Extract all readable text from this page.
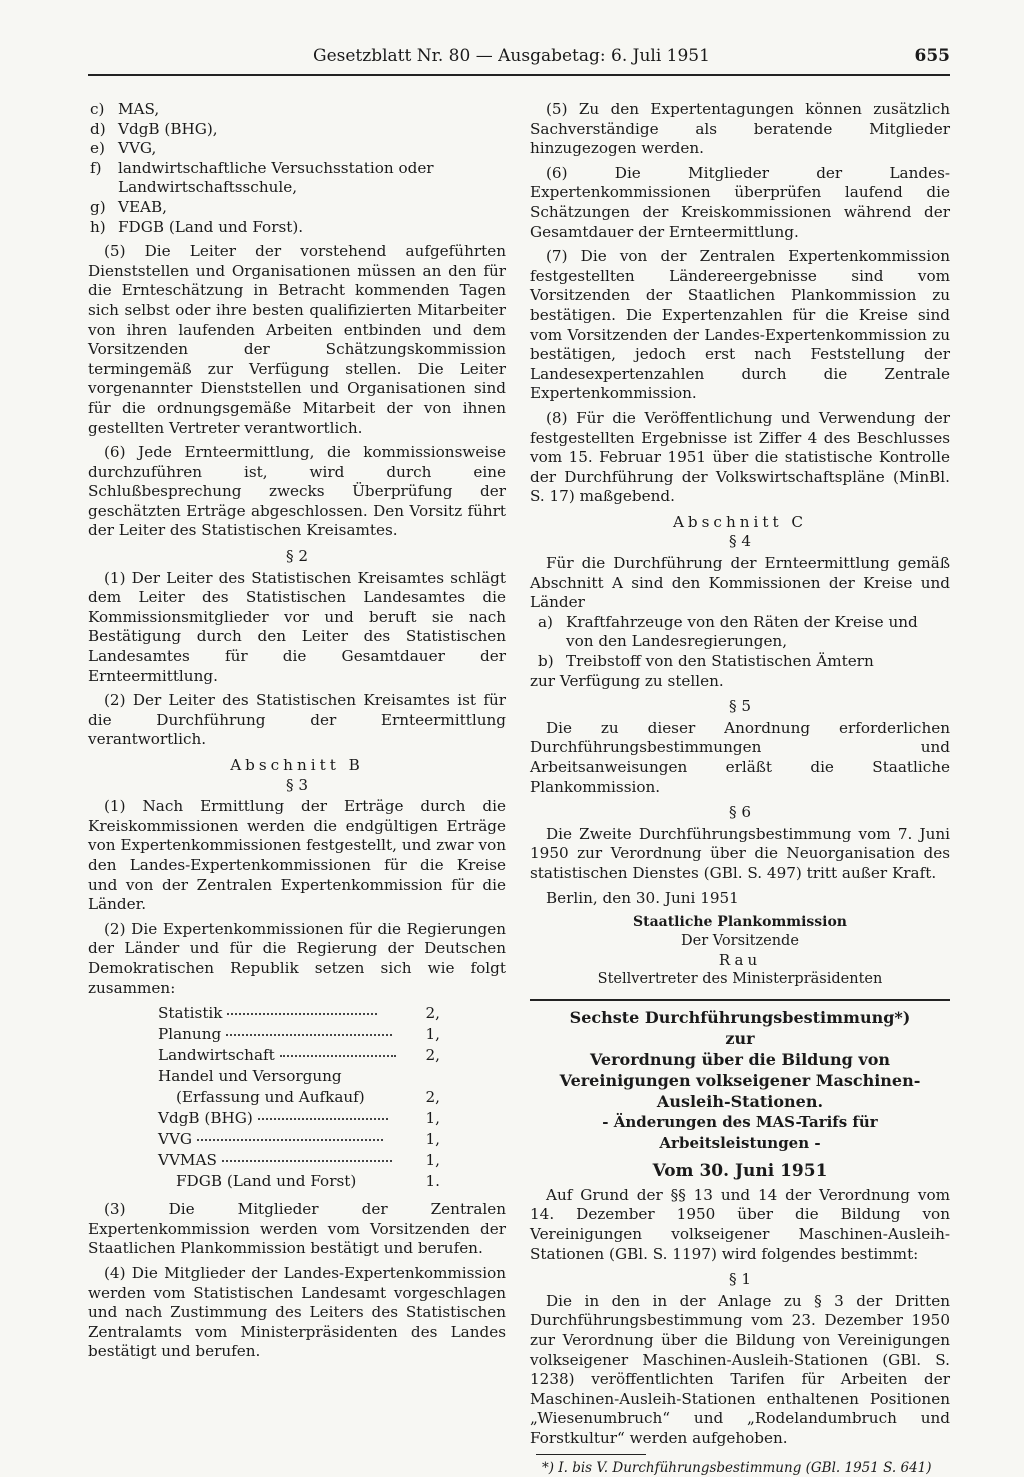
Gesetzblatt Nr. 80 — Ausgabetag: 6. Juli 1951	655
c) MAS,
d) VdgB (BHG),
e) VVG,
f)	landwirtschaftliche Versuchsstation oder Landwirtschaftsschule,
g) VEAB,
h) FDGB (Land und Forst).

(5) Die Leiter der vorstehend aufgeführten Dienststellen und Organisationen müssen an den für die Ernteschätzung in Betracht kommenden Tagen sich selbst oder ihre besten qualifizierten Mitarbeiter von ihren laufenden Arbeiten entbinden und dem Vorsitzenden der Schätzungskommission termingemäß zur Verfügung stellen. Die Leiter vorgenannter Dienststellen und Organisationen sind für die ordnungsgemäße Mitarbeit der von ihnen gestellten Vertreter verantwortlich.

(6) Jede Ernteermittlung, die kommissionsweise durchzuführen ist, wird durch eine Schlußbesprechung zwecks Überprüfung der geschätzten Erträge abgeschlossen. Den Vorsitz führt der Leiter des Statistischen Kreisamtes.

§ 2

(1) Der Leiter des Statistischen Kreisamtes schlägt dem Leiter des Statistischen Landesamtes die Kommissionsmitglieder vor und beruft sie nach Bestätigung durch den Leiter des Statistischen Landesamtes für die Gesamtdauer der Ernteermittlung.

(2) Der Leiter des Statistischen Kreisamtes ist für die Durchführung der Ernteermittlung verantwortlich.

Abschnitt B
§ 3

(1) Nach Ermittlung der Erträge durch die Kreiskommissionen werden die endgültigen Erträge von Expertenkommissionen festgestellt, und zwar von den Landes-Expertenkommissionen für die Kreise und von der Zentralen Expertenkommission für die Länder.

(2) Die Expertenkommissionen für die Regierungen der Länder und für die Regierung der Deutschen Demokratischen Republik setzen sich wie folgt zusammen:

Statistik	2,
Planung	1,
Landwirtschaft	2,
Handel und Versorgung	
(Erfassung und Aufkauf)	2,
VdgB (BHG)	1,
VVG	1,
VVMAS	1,
FDGB (Land und Forst)	1.

(3) Die Mitglieder der Zentralen Expertenkommission werden vom Vorsitzenden der Staatlichen Plankommission bestätigt und berufen.

(4) Die Mitglieder der Landes-Expertenkommission werden vom Statistischen Landesamt vorgeschlagen und nach Zustimmung des Leiters des Statistischen Zentralamts vom Ministerpräsidenten des Landes bestätigt und berufen.

(5) Zu den Expertentagungen können zusätzlich Sachverständige als beratende Mitglieder hinzugezogen werden.

(6) Die Mitglieder der Landes-Expertenkommissionen überprüfen laufend die Schätzungen der Kreiskommissionen während der Gesamtdauer der Ernteermittlung.

(7) Die von der Zentralen Expertenkommission festgestellten Ländereergebnisse sind vom Vorsitzenden der Staatlichen Plankommission zu bestätigen. Die Expertenzahlen für die Kreise sind vom Vorsitzenden der Landes-Expertenkommission zu bestätigen, jedoch erst nach Feststellung der Landesexpertenzahlen durch die Zentrale Expertenkommission.

(8) Für die Veröffentlichung und Verwendung der festgestellten Ergebnisse ist Ziffer 4 des Beschlusses vom 15. Februar 1951 über die statistische Kontrolle der Durchführung der Volkswirtschaftspläne (MinBl. S. 17) maßgebend.

Abschnitt C
§ 4

Für die Durchführung der Ernteermittlung gemäß Abschnitt A sind den Kommissionen der Kreise und Länder

a) Kraftfahrzeuge von den Räten der Kreise und von den Landesregierungen,
b) Treibstoff von den Statistischen Ämtern

zur Verfügung zu stellen.

§ 5

Die zu dieser Anordnung erforderlichen Durchführungsbestimmungen und Arbeitsanweisungen erläßt die Staatliche Plankommission.

§ 6

Die Zweite Durchführungsbestimmung vom 7. Juni 1950 zur Verordnung über die Neuorganisation des statistischen Dienstes (GBl. S. 497) tritt außer Kraft.

Berlin, den 30. Juni 1951

Staatliche Plankommission
Der Vorsitzende
Rau
Stellvertreter des Ministerpräsidenten
Sechste Durchführungsbestimmung*)
zur
Verordnung über die Bildung von Vereinigungen volkseigener Maschinen-Ausleih-Stationen.
- Änderungen des MAS-Tarifs für Arbeitsleistungen -
Vom 30. Juni 1951

Auf Grund der §§ 13 und 14 der Verordnung vom 14. Dezember 1950 über die Bildung von Vereinigungen volkseigener Maschinen-Ausleih-Stationen (GBl. S. 1197) wird folgendes bestimmt:

§ 1

Die in den in der Anlage zu § 3 der Dritten Durchführungsbestimmung vom 23. Dezember 1950 zur Verordnung über die Bildung von Vereinigungen volkseigener Maschinen-Ausleih-Stationen (GBl. S. 1238) veröffentlichten Tarifen für Arbeiten der Maschinen-Ausleih-Stationen enthaltenen Positionen „Wiesenumbruch“ und „Rodelandumbruch und Forstkultur“ werden aufgehoben.

*) I. bis V. Durchführungsbestimmung (GBl. 1951 S. 641)
